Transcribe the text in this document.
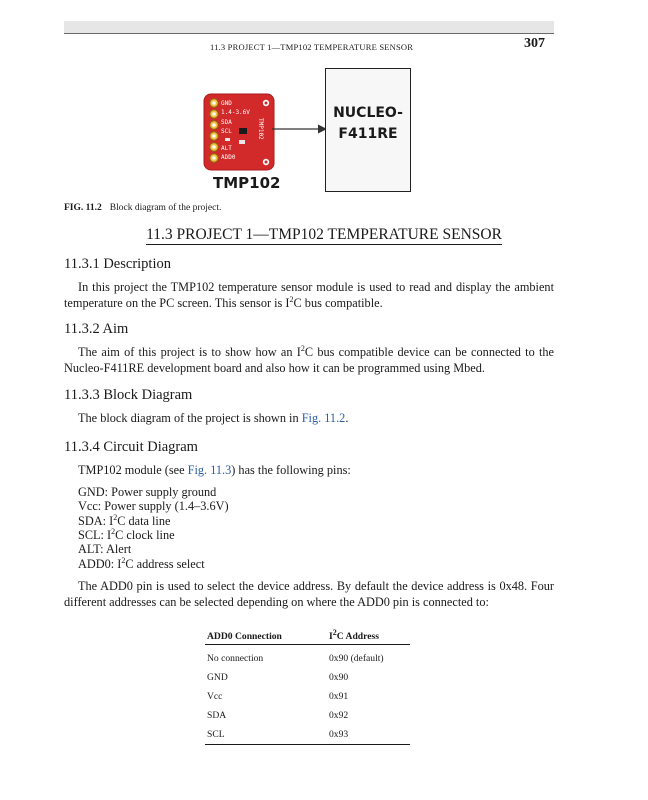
11.3 PROJECT 1—TMP102 TEMPERATURE SENSOR	307
GND
1.4-3.6V
SDA
SCL
ALT
ADD0
TMP102
NUCLEO-
F411RE
TMP102
FIG. 11.2 Block diagram of the project.
11.3 PROJECT 1—TMP102 TEMPERATURE SENSOR
11.3.1 Description
In this project the TMP102 temperature sensor module is used to read and display the ambient temperature on the PC screen. This sensor is $I^2C$ bus compatible.
11.3.2 Aim
The aim of this project is to show how an $I^2C$ bus compatible device can be connected to the Nucleo-F411RE development board and also how it can be programmed using Mbed.
11.3.3 Block Diagram
The block diagram of the project is shown in Fig. 11.2.
11.3.4 Circuit Diagram
TMP102 module (see Fig. 11.3) has the following pins:
GND: Power supply ground
Vcc: Power supply (1.4–3.6V)
SDA: $I^2C$ data line
SCL: $I^2C$ clock line
ALT: Alert
ADD0: $I^2C$ address select
The ADD0 pin is used to select the device address. By default the device address is 0x48. Four different addresses can be selected depending on where the ADD0 pin is connected to:
ADD0 Connection	$I^2C$ Address
No connection	0x90 (default)
GND	0x90
Vcc	0x91
SDA	0x92
SCL	0x93
